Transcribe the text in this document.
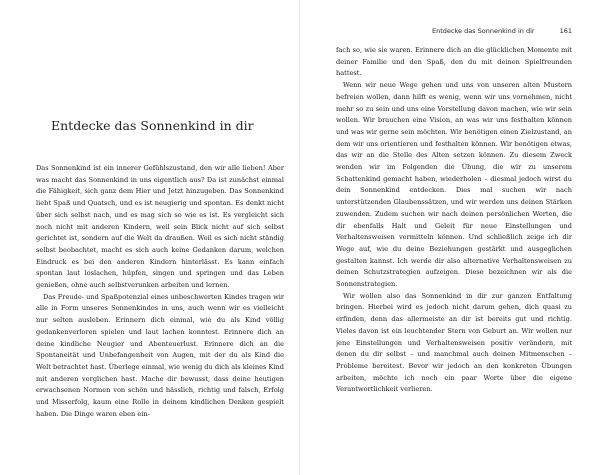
Entdecke das Sonnenkind in dir

Das Sonnenkind ist ein innerer Gefühlszustand, den wir alle lieben! Aber was macht das Sonnenkind in uns eigentlich aus? Da ist zunächst einmal die Fähigkeit, sich ganz dem Hier und Jetzt hinzugeben. Das Sonnenkind liebt Spaß und Quatsch, und es ist neugierig und spontan. Es denkt nicht über sich selbst nach, und es mag sich so wie es ist. Es vergleicht sich noch nicht mit anderen Kindern, weil sein Blick nicht auf sich selbst gerichtet ist, sondern auf die Welt da draußen. Weil es sich nicht ständig selbst beobachtet, macht es sich auch keine Gedanken darum, welchen Eindruck es bei den anderen Kindern hinterlässt. Es kann einfach spontan laut loslachen, hüpfen, singen und springen und das Leben genießen, ohne auch selbstverunken arbeiten und lernen.

Das Freude- und Spaßpotenzial eines unbeschwerten Kindes tragen wir alle in Form unseres Sonnenkindes in uns, auch wenn wir es vielleicht nur selten ausleben. Erinnern dich einmal, wie du als Kind völlig gedankenverloren spielen und laut lachen konntest. Erinnere dich an deine kindliche Neugier und Abenteuerlust. Erinnere dich an die Spontaneität und Unbefangenheit von Augen, mit der du als Kind die Welt betrachtet hast. Überlege einmal, wie wenig du dich als kleines Kind mit anderen verglichen hast. Mache dir bewusst, dass deine heutigen erwachsenen Normen von schön und hässlich, richtig und falsch, Erfolg und Misserfolg, kaum eine Rolle in deinem kindlichen Denken gespielt haben. Die Dinge waren eben ein-

Entdecke das Sonnenkind in dir	161

fach so, wie sie waren. Erinnere dich an die glücklichen Momente mit deiner Familie und den Spaß, den du mit deinen Spielfreunden hattest.

Wenn wir neue Wege gehen und uns von unseren alten Mustern befreien wollen, dann hilft es wenig, wenn wir uns vornehmen, nicht mehr so zu sein und uns eine Vorstellung davon machen, wie wir sein wollen. Wir brauchen eine Vision, an was wir uns festhalten können und was wir gerne sein möchten. Wir benötigen einen Zielzustand, an dem wir uns orientieren und festhalten können. Wir benötigen etwas, das wir an die Stelle des Alten setzen können. Zu diesem Zweck wenden wir im Folgenden die Übung, die wir zu unserem Schattenkind gemacht haben, wiederholen – diesmal jedoch wirst du dein Sonnenkind entdecken. Dies mal suchen wir nach unterstützenden Glaubenssätzen, und wir werden uns deinen Stärken zuwenden. Zudem suchen wir nach deinen persönlichen Werten, die dir ebenfalls Halt und Geleit für neue Einstellungen und Verhaltensweisen vermitteln können. Und schließlich zeige ich dir Wege auf, wie du deine Beziehungen gestärkt und ausgeglichen gestalten kannst. Ich werde dir also alternative Verhaltensweisen zu deinen Schutzstrategien aufzeigen. Diese bezeichnen wir als die Sonnenstrategien.

Wir wollen also das Sonnenkind in dir zur ganzen Entfaltung bringen. Hierbei wird es jedoch nicht darum gehen, dich quasi zu erfinden, denn das allermeiste an dir ist bereits gut und richtig. Vieles davon ist ein leuchtender Stern von Geburt an. Wir wollen nur jene Einstellungen und Verhaltensweisen positiv verändern, mit denen du dir selbst – und manchmal auch deinen Mitmenschen – Probleme bereitest. Bevor wir jedoch an den konkreten Übungen arbeiten, möchte ich noch ein paar Worte über die eigene Verantwortlichkeit verlieren.
